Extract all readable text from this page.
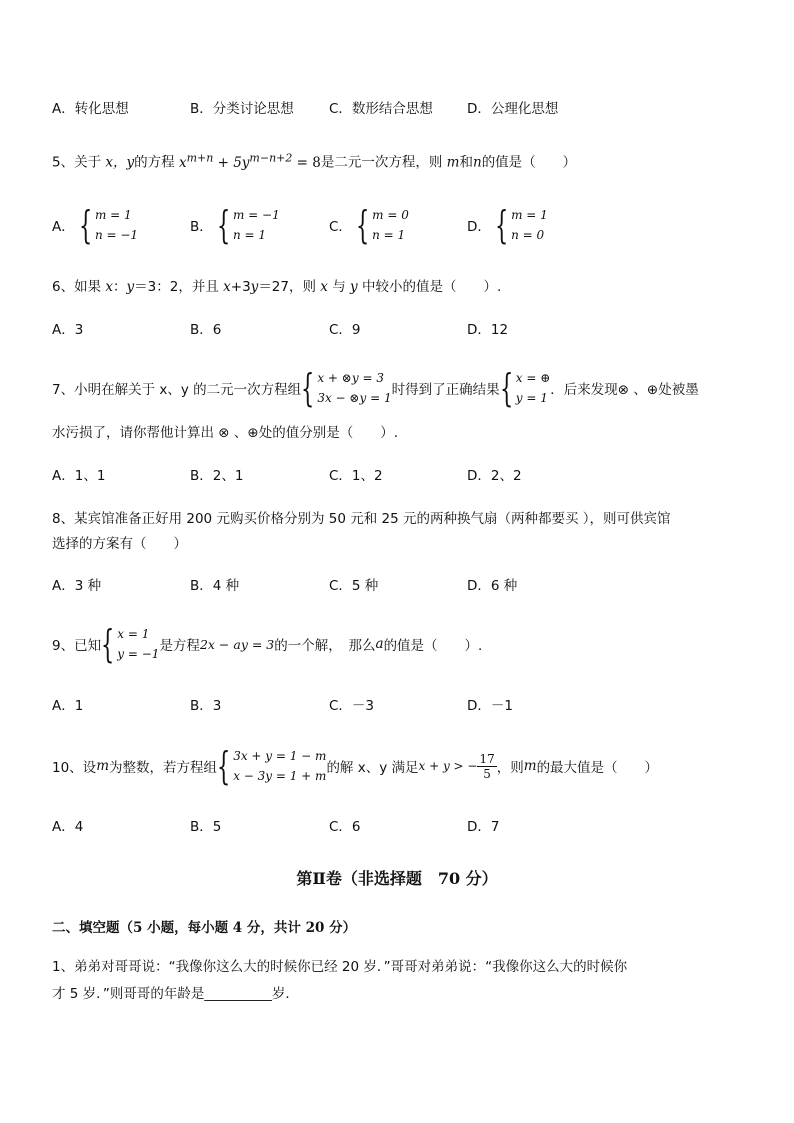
A．转化思想	B．分类讨论思想	C．数形结合思想	D．公理化思想
5、关于 x，y的方程 $x^{m+n} + 5y^{m-n+2} = 8$是二元一次方程，则 m和n的值是（　　）
A． { m = 1
n = −1	B． { m = −1
n = 1	C． { m = 0
n = 1	D． { m = 1
n = 0
6、如果 x：y＝3：2，并且 x+3y＝27，则 x 与 y 中较小的值是（　　）.
A．3	B．6	C．9	D．12
7、小明在解关于 x、y 的二元一次方程组 { x + ⊗y = 3
3x − ⊗y = 1 时得到了正确结果 { x = ⊕
y = 1 ．后来发现⊗ 、⊕处被墨
水污损了，请你帮他计算出 ⊗ 、⊕处的值分别是（　　）.
A．1、1	B．2、1	C．1、2	D．2、2
8、某宾馆准备正好用 200 元购买价格分别为 50 元和 25 元的两种换气扇（两种都要买 ），则可供宾馆
选择的方案有（　　）
A．3 种	B．4 种	C．5 种	D．6 种
9、已知 { x = 1
y = −1 是方程 2x − ay = 3 的一个解，　那么 a 的值是（　　）.
A．1	B．3	C．－3	D．－1
10、设 m 为整数，若方程组 { 3x + y = 1 − m
x − 3y = 1 + m 的解 x、y 满足 x + y > − $\frac{17}{5}$ ，则 m 的最大值是（　　）
A．4	B．5	C．6	D．7
第Ⅱ卷（非选择题　70 分）
二、填空题（5 小题，每小题 4 分，共计 20 分）
1、弟弟对哥哥说：“我像你这么大的时候你已经 20 岁．”哥哥对弟弟说：“我像你这么大的时候你
才 5 岁．”则哥哥的年龄是__________岁．
